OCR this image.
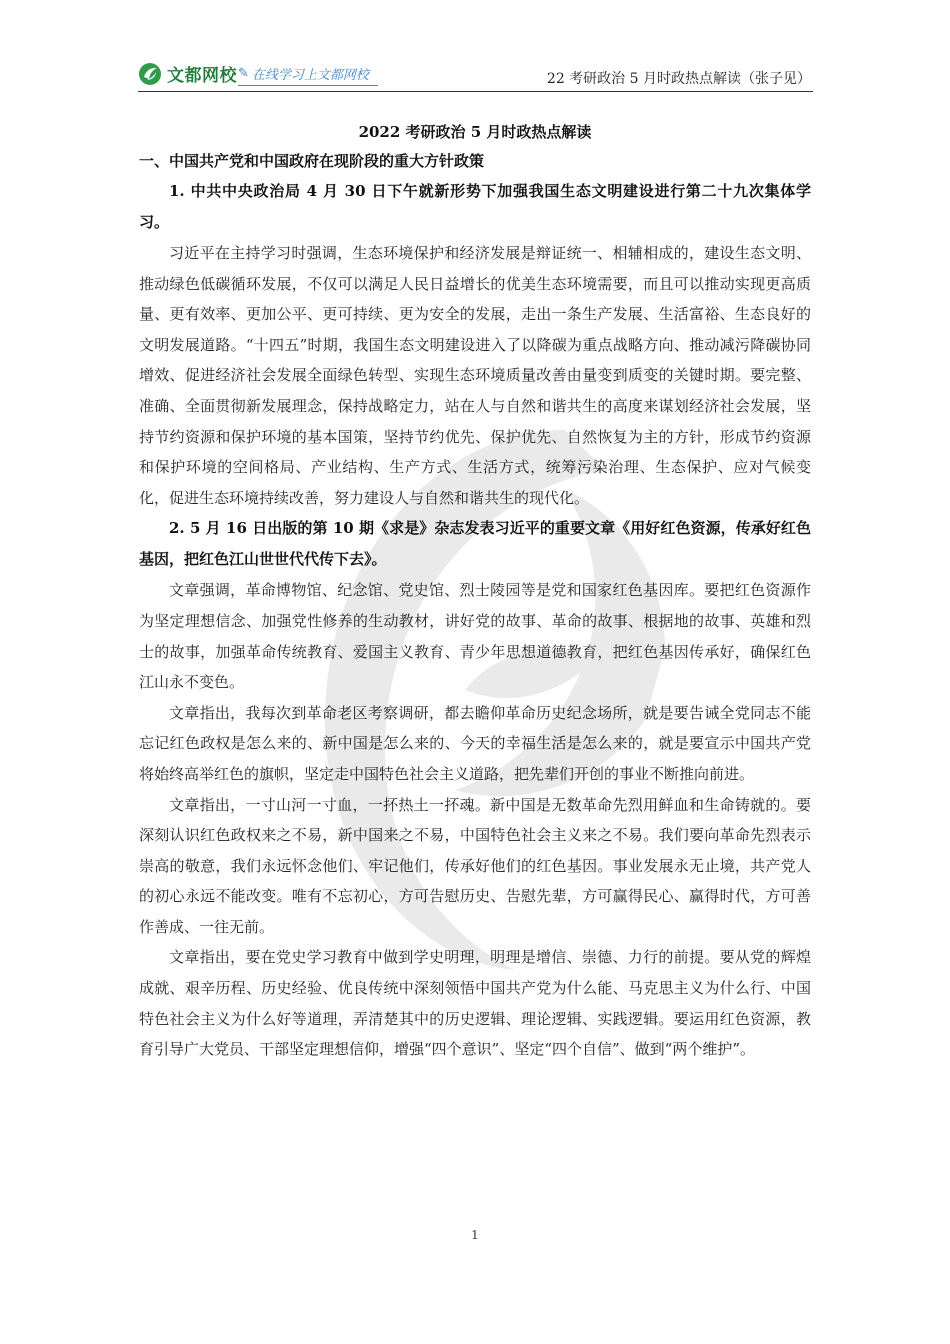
文都网校 ✎ 在线学习上文都网校	22 考研政治 5 月时政热点解读（张子见）
2022 考研政治 5 月时政热点解读
一、中国共产党和中国政府在现阶段的重大方针政策
1. 中共中央政治局 4 月 30 日下午就新形势下加强我国生态文明建设进行第二十九次集体学习。

习近平在主持学习时强调，生态环境保护和经济发展是辩证统一、相辅相成的，建设生态文明、推动绿色低碳循环发展，不仅可以满足人民日益增长的优美生态环境需要，而且可以推动实现更高质量、更有效率、更加公平、更可持续、更为安全的发展，走出一条生产发展、生活富裕、生态良好的文明发展道路。“十四五”时期，我国生态文明建设进入了以降碳为重点战略方向、推动减污降碳协同增效、促进经济社会发展全面绿色转型、实现生态环境质量改善由量变到质变的关键时期。要完整、准确、全面贯彻新发展理念，保持战略定力，站在人与自然和谐共生的高度来谋划经济社会发展，坚持节约资源和保护环境的基本国策，坚持节约优先、保护优先、自然恢复为主的方针，形成节约资源和保护环境的空间格局、产业结构、生产方式、生活方式，统筹污染治理、生态保护、应对气候变化，促进生态环境持续改善，努力建设人与自然和谐共生的现代化。

2. 5 月 16 日出版的第 10 期《求是》杂志发表习近平的重要文章《用好红色资源，传承好红色基因，把红色江山世世代代传下去》。

文章强调，革命博物馆、纪念馆、党史馆、烈士陵园等是党和国家红色基因库。要把红色资源作为坚定理想信念、加强党性修养的生动教材，讲好党的故事、革命的故事、根据地的故事、英雄和烈士的故事，加强革命传统教育、爱国主义教育、青少年思想道德教育，把红色基因传承好，确保红色江山永不变色。

文章指出，我每次到革命老区考察调研，都去瞻仰革命历史纪念场所，就是要告诫全党同志不能忘记红色政权是怎么来的、新中国是怎么来的、今天的幸福生活是怎么来的，就是要宣示中国共产党将始终高举红色的旗帜，坚定走中国特色社会主义道路，把先辈们开创的事业不断推向前进。

文章指出，一寸山河一寸血，一抔热土一抔魂。新中国是无数革命先烈用鲜血和生命铸就的。要深刻认识红色政权来之不易，新中国来之不易，中国特色社会主义来之不易。我们要向革命先烈表示崇高的敬意，我们永远怀念他们、牢记他们，传承好他们的红色基因。事业发展永无止境，共产党人的初心永远不能改变。唯有不忘初心，方可告慰历史、告慰先辈，方可赢得民心、赢得时代，方可善作善成、一往无前。

文章指出，要在党史学习教育中做到学史明理，明理是增信、崇德、力行的前提。要从党的辉煌成就、艰辛历程、历史经验、优良传统中深刻领悟中国共产党为什么能、马克思主义为什么行、中国特色社会主义为什么好等道理，弄清楚其中的历史逻辑、理论逻辑、实践逻辑。要运用红色资源，教育引导广大党员、干部坚定理想信仰，增强“四个意识”、坚定“四个自信”、做到“两个维护”。

1
